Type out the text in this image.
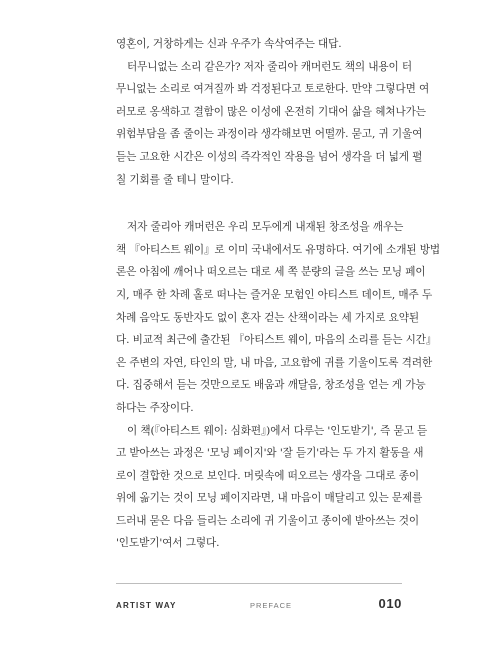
영혼이, 거창하게는 신과 우주가 속삭여주는 대답.
터무니없는 소리 같은가? 저자 줄리아 캐머런도 책의 내용이 터
무니없는 소리로 여겨질까 봐 걱정된다고 토로한다. 만약 그렇다면 여
러모로 옹색하고 결함이 많은 이성에 온전히 기대어 삶을 헤쳐나가는
위험부담을 좀 줄이는 과정이라 생각해보면 어떨까. 묻고, 귀 기울여
듣는 고요한 시간은 이성의 즉각적인 작용을 넘어 생각을 더 넓게 펼
칠 기회를 줄 테니 말이다.
저자 줄리아 캐머런은 우리 모두에게 내재된 창조성을 깨우는
책 『아티스트 웨이』로 이미 국내에서도 유명하다. 여기에 소개된 방법
론은 아침에 깨어나 떠오르는 대로 세 쪽 분량의 글을 쓰는 모닝 페이
지, 매주 한 차례 홀로 떠나는 즐거운 모험인 아티스트 데이트, 매주 두
차례 음악도 동반자도 없이 혼자 걷는 산책이라는 세 가지로 요약된
다. 비교적 최근에 출간된 『아티스트 웨이, 마음의 소리를 듣는 시간』
은 주변의 자연, 타인의 말, 내 마음, 고요함에 귀를 기울이도록 격려한
다. 집중해서 듣는 것만으로도 배움과 깨달음, 창조성을 얻는 게 가능
하다는 주장이다.
이 책(『아티스트 웨이: 심화편』)에서 다루는 '인도받기', 즉 묻고 듣
고 받아쓰는 과정은 '모닝 페이지'와 '잘 듣기'라는 두 가지 활동을 새
로이 결합한 것으로 보인다. 머릿속에 떠오르는 생각을 그대로 종이
위에 옮기는 것이 모닝 페이지라면, 내 마음이 매달리고 있는 문제를
드러내 묻은 다음 들리는 소리에 귀 기울이고 종이에 받아쓰는 것이
'인도받기'여서 그렇다.
ARTIST WAY	PREFACE	010
